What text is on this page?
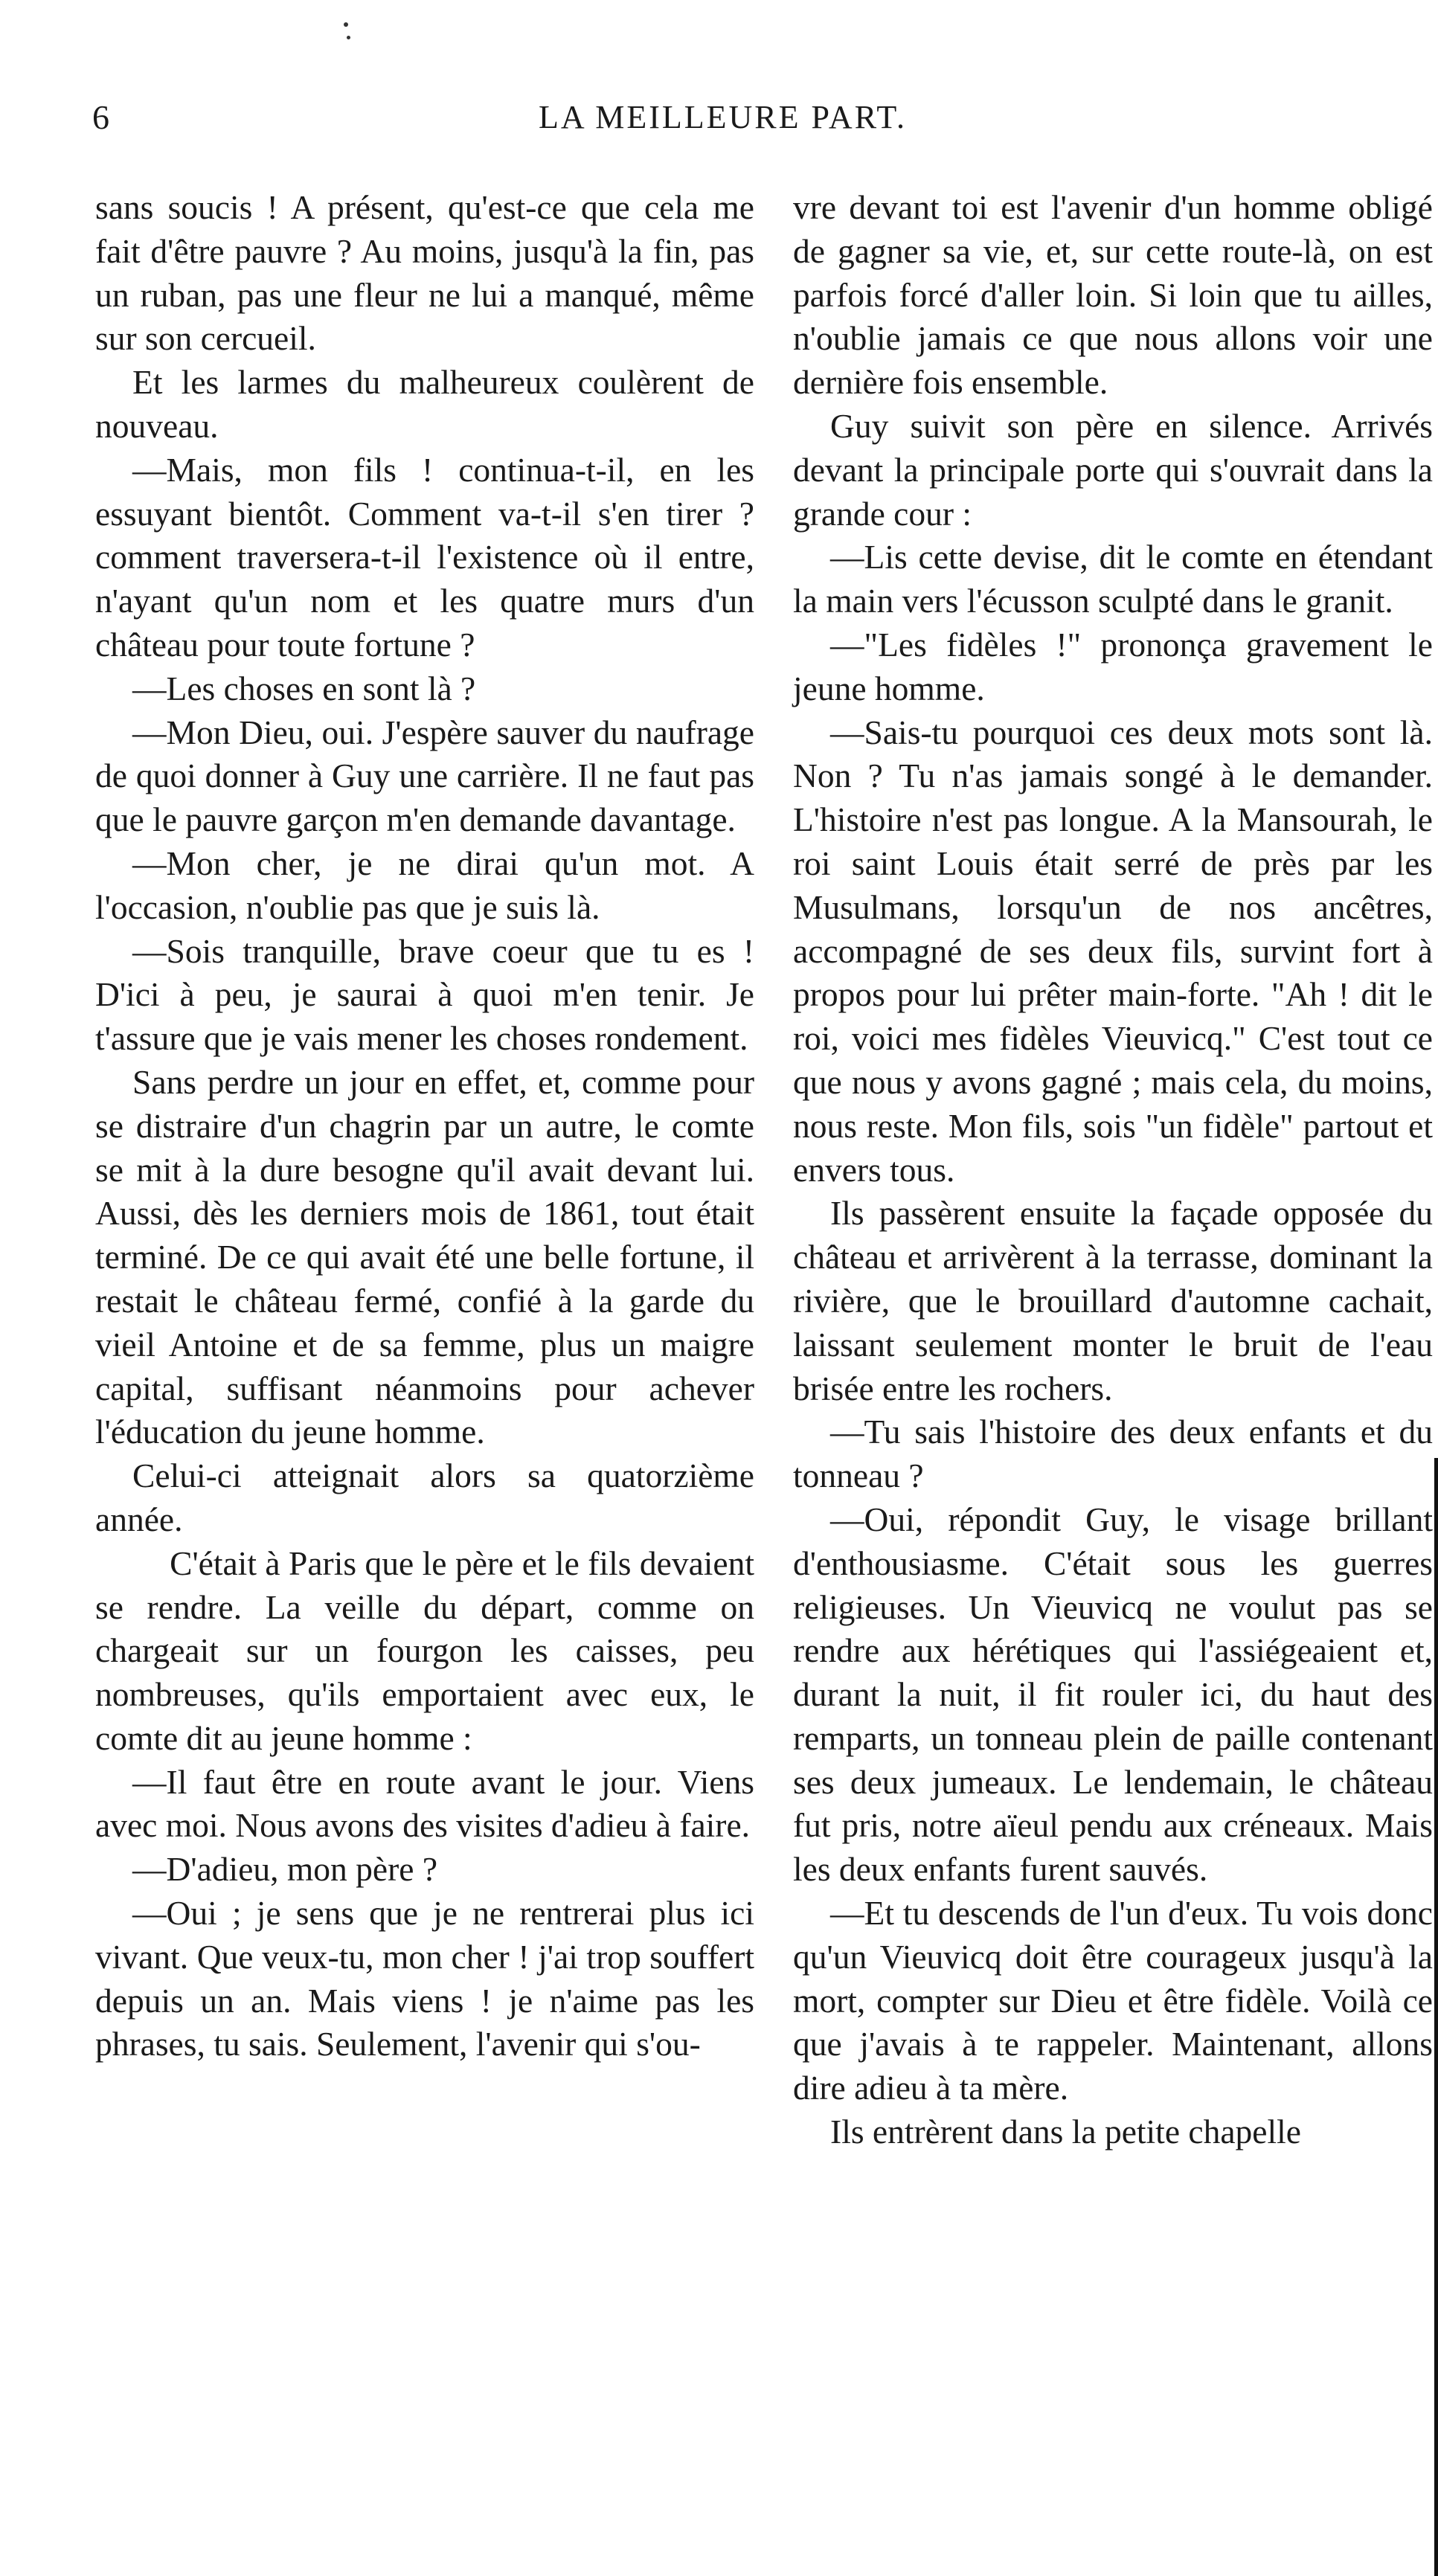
6	LA MEILLEURE PART.

sans soucis ! A présent, qu'est-ce que cela me fait d'être pauvre ? Au moins, jusqu'à la fin, pas un ruban, pas une fleur ne lui a manqué, même sur son cercueil.

Et les larmes du malheureux coulèrent de nouveau.

—Mais, mon fils ! continua-t-il, en les essuyant bientôt. Comment va-t-il s'en tirer ? comment traversera-t-il l'existence où il entre, n'ayant qu'un nom et les quatre murs d'un château pour toute fortune ?

—Les choses en sont là ?

—Mon Dieu, oui. J'espère sauver du naufrage de quoi donner à Guy une carrière. Il ne faut pas que le pauvre garçon m'en demande davantage.

—Mon cher, je ne dirai qu'un mot. A l'occasion, n'oublie pas que je suis là.

—Sois tranquille, brave coeur que tu es ! D'ici à peu, je saurai à quoi m'en tenir. Je t'assure que je vais mener les choses rondement.

Sans perdre un jour en effet, et, comme pour se distraire d'un chagrin par un autre, le comte se mit à la dure besogne qu'il avait devant lui. Aussi, dès les derniers mois de 1861, tout était terminé. De ce qui avait été une belle fortune, il restait le château fermé, confié à la garde du vieil Antoine et de sa femme, plus un maigre capital, suffisant néanmoins pour achever l'éducation du jeune homme.

Celui-ci atteignait alors sa quatorzième année.

C'était à Paris que le père et le fils devaient se rendre. La veille du départ, comme on chargeait sur un fourgon les caisses, peu nombreuses, qu'ils emportaient avec eux, le comte dit au jeune homme :

—Il faut être en route avant le jour. Viens avec moi. Nous avons des visites d'adieu à faire.

—D'adieu, mon père ?

—Oui ; je sens que je ne rentrerai plus ici vivant. Que veux-tu, mon cher ! j'ai trop souffert depuis un an. Mais viens ! je n'aime pas les phrases, tu sais. Seulement, l'avenir qui s'ou-

vre devant toi est l'avenir d'un homme obligé de gagner sa vie, et, sur cette route-là, on est parfois forcé d'aller loin. Si loin que tu ailles, n'oublie jamais ce que nous allons voir une dernière fois ensemble.

Guy suivit son père en silence. Arrivés devant la principale porte qui s'ouvrait dans la grande cour :

—Lis cette devise, dit le comte en étendant la main vers l'écusson sculpté dans le granit.

—"Les fidèles !" prononça gravement le jeune homme.

—Sais-tu pourquoi ces deux mots sont là. Non ? Tu n'as jamais songé à le demander. L'histoire n'est pas longue. A la Mansourah, le roi saint Louis était serré de près par les Musulmans, lorsqu'un de nos ancêtres, accompagné de ses deux fils, survint fort à propos pour lui prêter main-forte. "Ah ! dit le roi, voici mes fidèles Vieuvicq." C'est tout ce que nous y avons gagné ; mais cela, du moins, nous reste. Mon fils, sois "un fidèle" partout et envers tous.

Ils passèrent ensuite la façade opposée du château et arrivèrent à la terrasse, dominant la rivière, que le brouillard d'automne cachait, laissant seulement monter le bruit de l'eau brisée entre les rochers.

—Tu sais l'histoire des deux enfants et du tonneau ?

—Oui, répondit Guy, le visage brillant d'enthousiasme. C'était sous les guerres religieuses. Un Vieuvicq ne voulut pas se rendre aux hérétiques qui l'assiégeaient et, durant la nuit, il fit rouler ici, du haut des remparts, un tonneau plein de paille contenant ses deux jumeaux. Le lendemain, le château fut pris, notre aïeul pendu aux créneaux. Mais les deux enfants furent sauvés.

—Et tu descends de l'un d'eux. Tu vois donc qu'un Vieuvicq doit être courageux jusqu'à la mort, compter sur Dieu et être fidèle. Voilà ce que j'avais à te rappeler. Maintenant, allons dire adieu à ta mère.

Ils entrèrent dans la petite chapelle
